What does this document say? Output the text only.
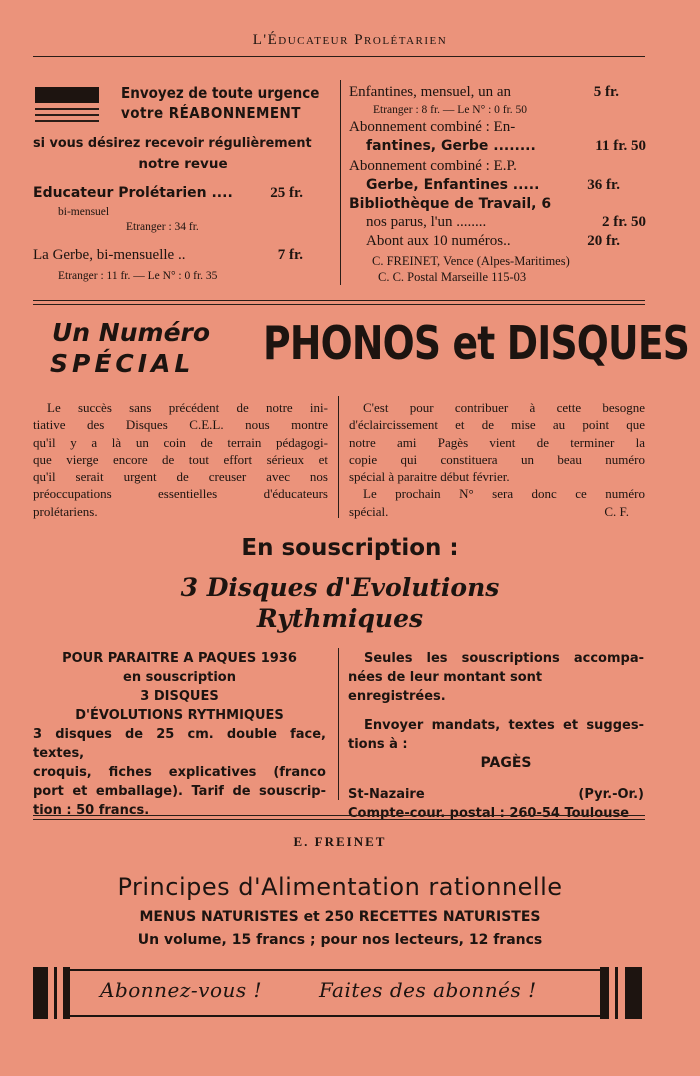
L'Éducateur Prolétarien
Envoyez de toute urgence
votre RÉABONNEMENT
si vous désirez recevoir régulièrement
notre revue
Educateur Prolétarien .... 25 fr.
bi-mensuel
Etranger : 34 fr.
La Gerbe, bi-mensuelle ..	7 fr.
Etranger : 11 fr. — Le N° : 0 fr. 35
Enfantines, mensuel, un an	5 fr.
Etranger : 8 fr. — Le N° : 0 fr. 50
Abonnement combiné : En-
fantines, Gerbe ........	11 fr. 50
Abonnement combiné : E.P.
Gerbe, Enfantines .....	36 fr.
Bibliothèque de Travail, 6
nos parus, l'un ........	2 fr. 50
Abont aux 10 numéros..	20 fr.
C. FREINET, Vence (Alpes-Maritimes)
C. C. Postal Marseille 115-03
Un Numéro
SPÉCIAL PHONOS et DISQUES
Le succès sans précédent de notre ini-
tiative des Disques C.E.L. nous montre
qu'il y a là un coin de terrain pédagogi-
que vierge encore de tout effort sérieux et
qu'il serait urgent de creuser avec nos
préoccupations essentielles d'éducateurs
prolétariens.
C'est pour contribuer à cette besogne
d'éclaircissement et de mise au point que
notre ami Pagès vient de terminer la
copie qui constituera un beau numéro
spécial à paraitre début février.
Le prochain N° sera donc ce numéro
spécial.	C. F.
En souscription :
3 Disques d'Evolutions
Rythmiques
POUR PARAITRE A PAQUES 1936
en souscription
3 DISQUES
D'ÉVOLUTIONS RYTHMIQUES
3 disques de 25 cm. double face, textes,
croquis, fiches explicatives (franco
port et emballage). Tarif de souscrip-
tion : 50 francs.
Seules les souscriptions accompa-
nées de leur montant sont enregistrées.
Envoyer mandats, textes et sugges-
tions à :
PAGÈS
St-Nazaire	(Pyr.-Or.)
Compte-cour. postal : 260-54 Toulouse
E. FREINET
Principes d'Alimentation rationnelle
MENUS NATURISTES et 250 RECETTES NATURISTES
Un volume, 15 francs ; pour nos lecteurs, 12 francs
Abonnez-vous !	Faites des abonnés !
